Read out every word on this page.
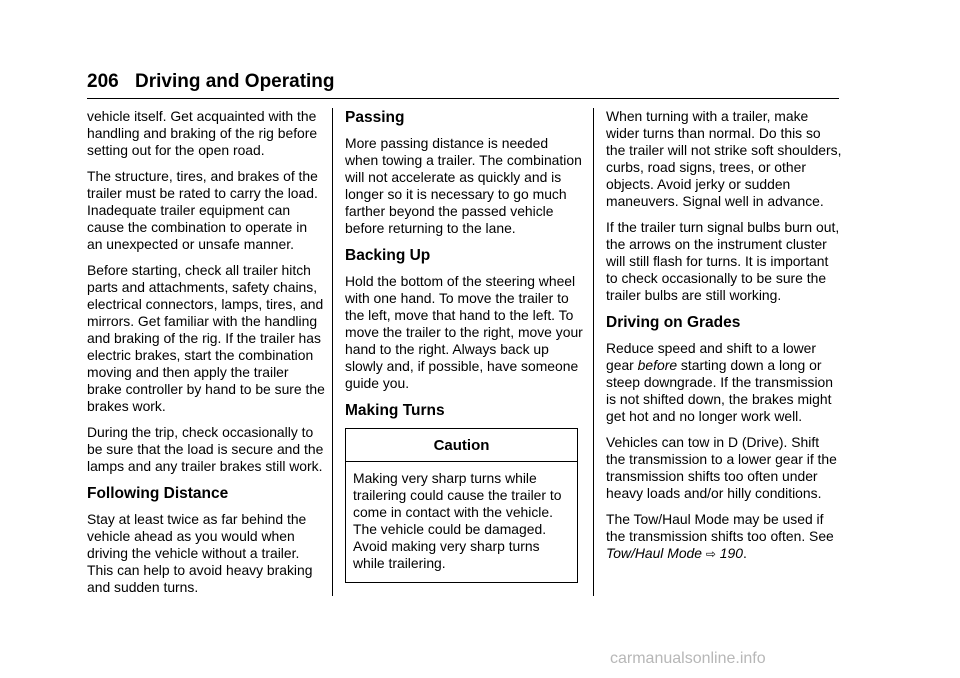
206 Driving and Operating

vehicle itself. Get acquainted with the handling and braking of the rig before setting out for the open road.

The structure, tires, and brakes of the trailer must be rated to carry the load. Inadequate trailer equipment can cause the combination to operate in an unexpected or unsafe manner.

Before starting, check all trailer hitch parts and attachments, safety chains, electrical connectors, lamps, tires, and mirrors. Get familiar with the handling and braking of the rig. If the trailer has electric brakes, start the combination moving and then apply the trailer brake controller by hand to be sure the brakes work.

During the trip, check occasionally to be sure that the load is secure and the lamps and any trailer brakes still work.

Following Distance

Stay at least twice as far behind the vehicle ahead as you would when driving the vehicle without a trailer. This can help to avoid heavy braking and sudden turns.

Passing

More passing distance is needed when towing a trailer. The combination will not accelerate as quickly and is longer so it is necessary to go much farther beyond the passed vehicle before returning to the lane.

Backing Up

Hold the bottom of the steering wheel with one hand. To move the trailer to the left, move that hand to the left. To move the trailer to the right, move your hand to the right. Always back up slowly and, if possible, have someone guide you.

Making Turns
Caution
Making very sharp turns while trailering could cause the trailer to come in contact with the vehicle. The vehicle could be damaged. Avoid making very sharp turns while trailering.

When turning with a trailer, make wider turns than normal. Do this so the trailer will not strike soft shoulders, curbs, road signs, trees, or other objects. Avoid jerky or sudden maneuvers. Signal well in advance.

If the trailer turn signal bulbs burn out, the arrows on the instrument cluster will still flash for turns. It is important to check occasionally to be sure the trailer bulbs are still working.

Driving on Grades

Reduce speed and shift to a lower gear before starting down a long or steep downgrade. If the transmission is not shifted down, the brakes might get hot and no longer work well.

Vehicles can tow in D (Drive). Shift the transmission to a lower gear if the transmission shifts too often under heavy loads and/or hilly conditions.

The Tow/Haul Mode may be used if the transmission shifts too often. See Tow/Haul Mode ⇨ 190.

carmanualsonline.info
